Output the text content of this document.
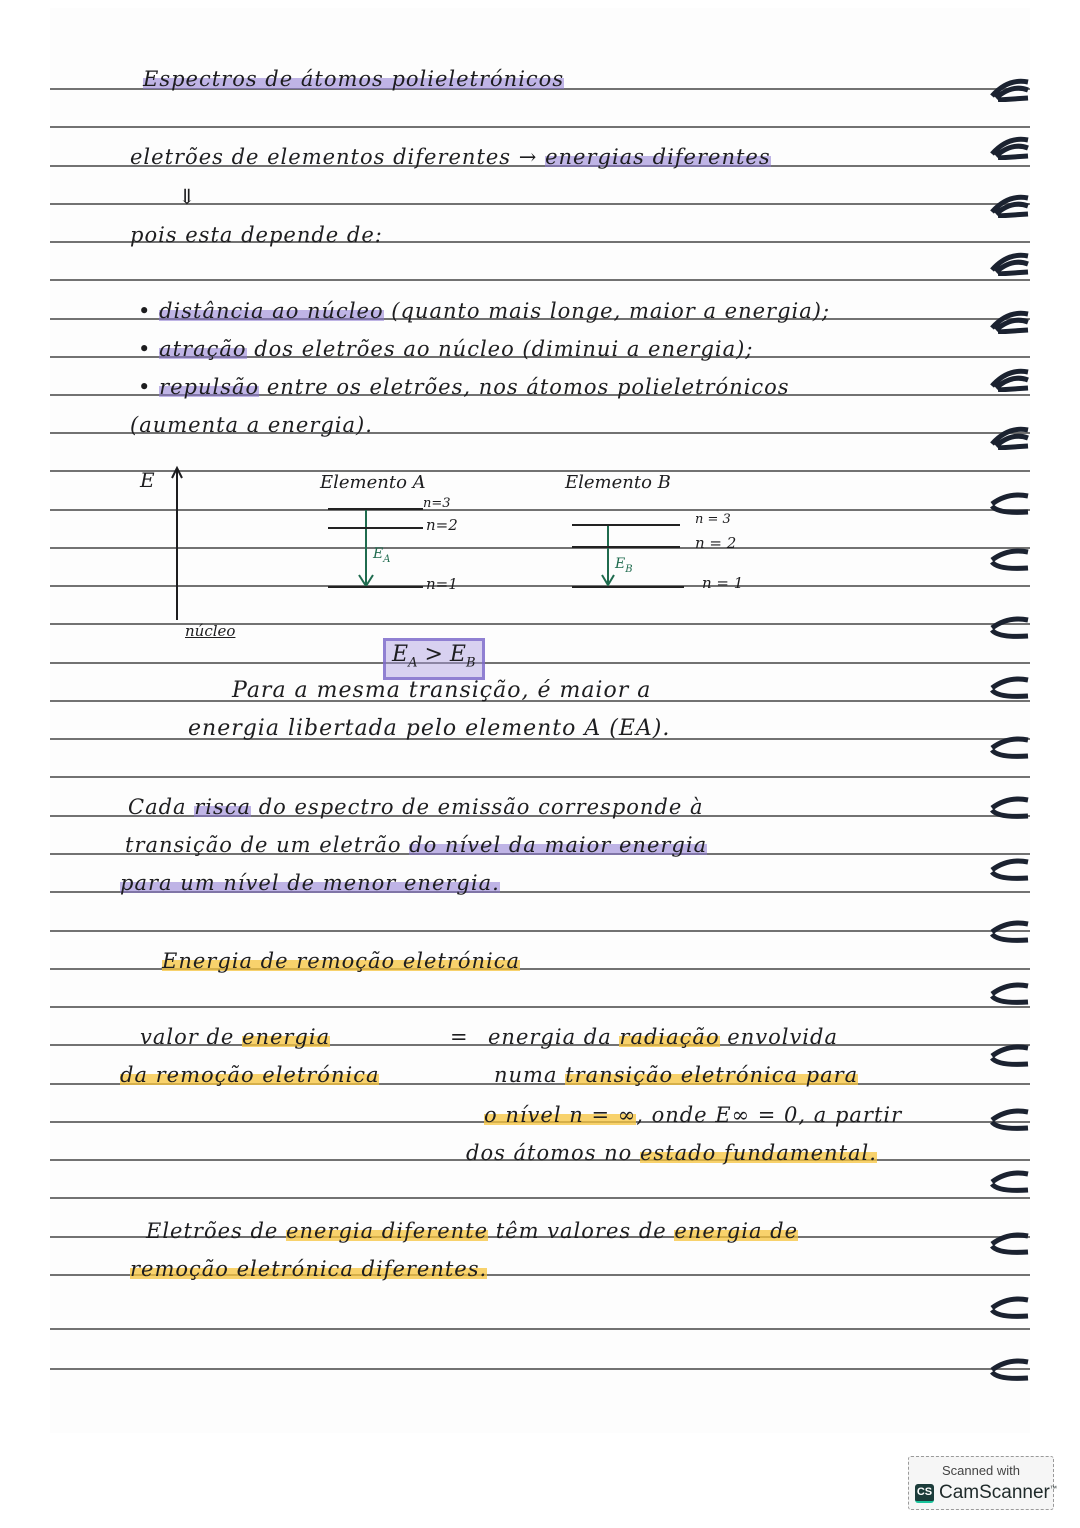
Espectros de átomos polieletrónicos
eletrões de elementos diferentes → energias diferentes
⇓
pois esta depende de:
• distância ao núcleo (quanto mais longe, maior a energia);
• atração dos eletrões ao núcleo (diminui a energia);
• repulsão entre os eletrões, nos átomos polieletrónicos
(aumenta a energia).
E
núcleo
Elemento A
n=3
n=2
n=1
$E_A$
Elemento B
n = 3
n = 2
n = 1
$E_B$
$E_A > E_B$
Para a mesma transição, é maior a
energia libertada pelo elemento A (EA).
Cada risca do espectro de emissão corresponde à
transição de um eletrão do nível da maior energia
para um nível de menor energia.
Energia de remoção eletrónica
valor de energia
da remoção eletrónica
= energia da radiação envolvida
numa transição eletrónica para
o nível n = ∞, onde E∞ = 0, a partir
dos átomos no estado fundamental.
Eletrões de energia diferente têm valores de energia de
remoção eletrónica diferentes.
Scanned with
CS CamScanner™
